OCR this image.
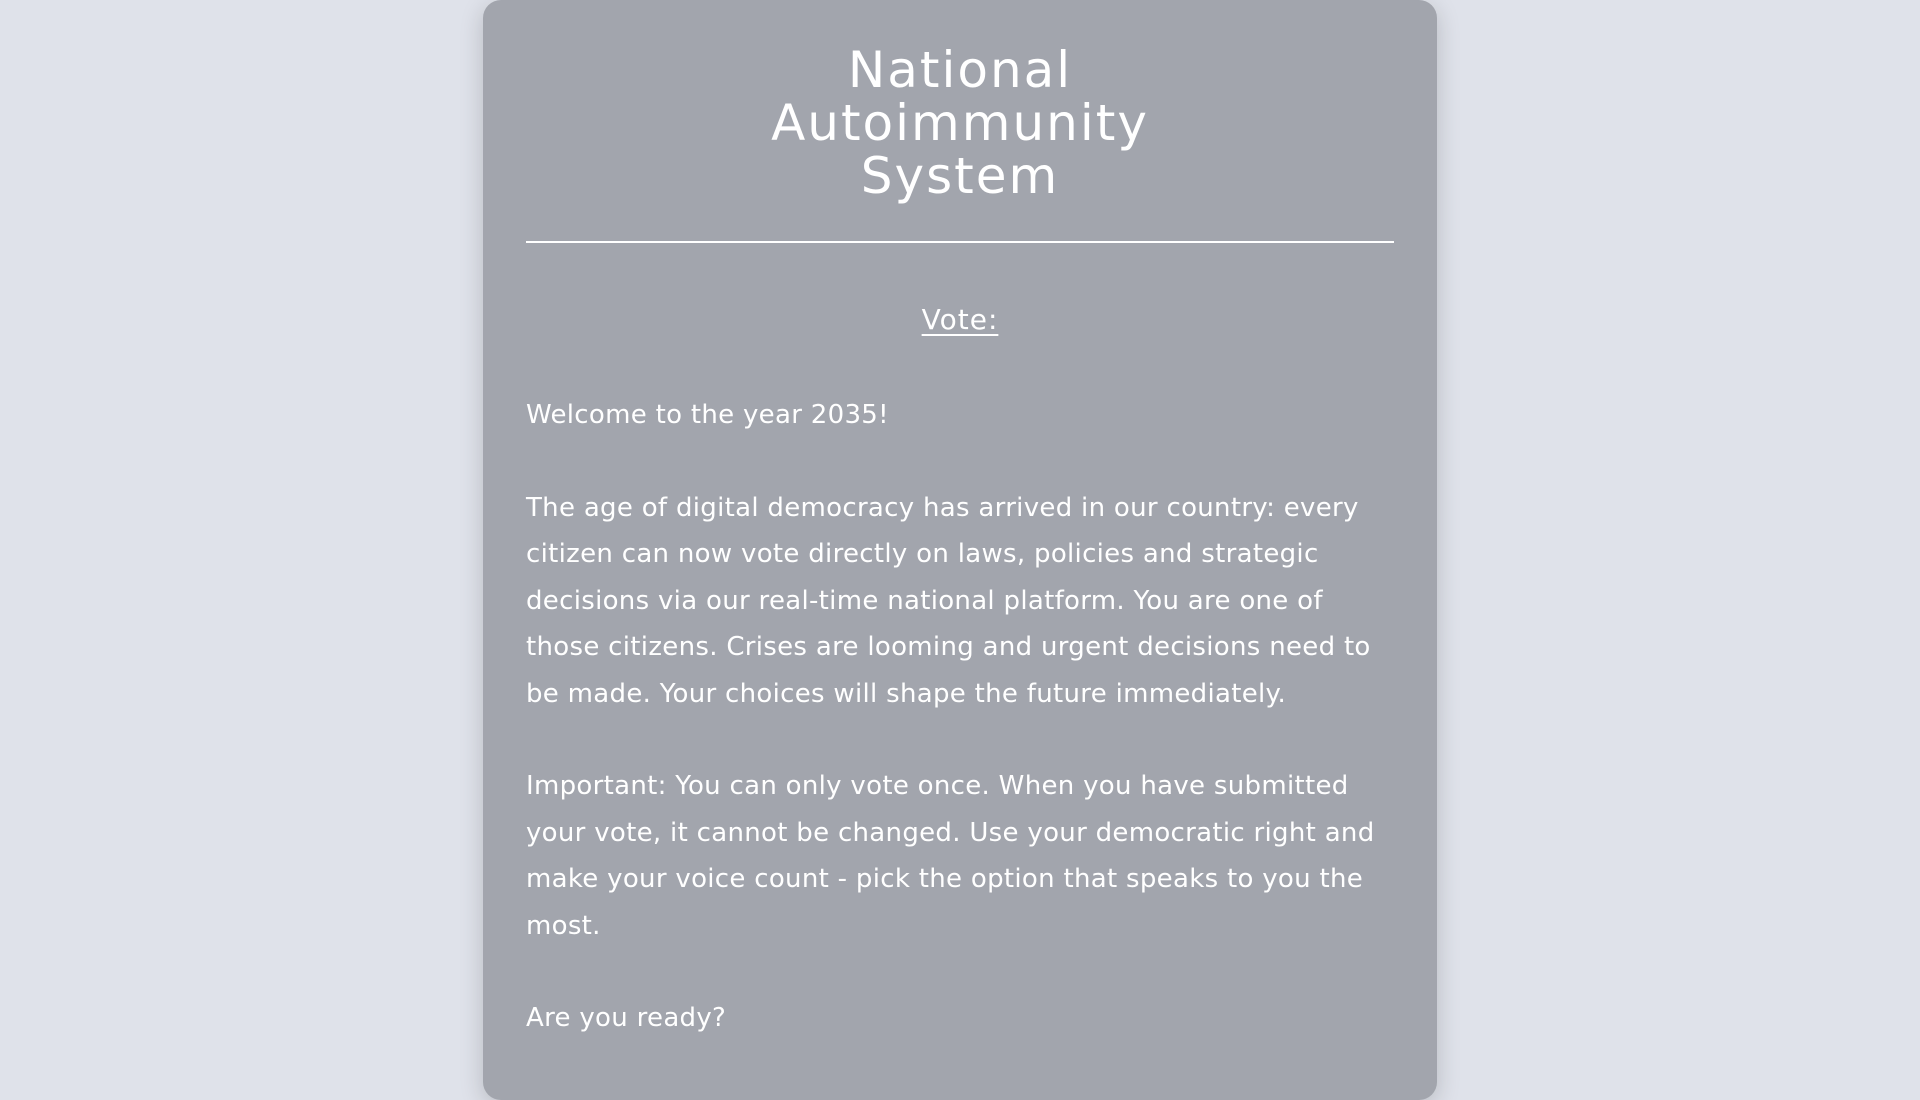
National Autoimmunity System
Vote:

Welcome to the year 2035!

The age of digital democracy has arrived in our country: every citizen can now vote directly on laws, policies and strategic decisions via our real-time national platform. You are one of those citizens. Crises are looming and urgent decisions need to be made. Your choices will shape the future immediately.

Important: You can only vote once. When you have submitted your vote, it cannot be changed. Use your democratic right and make your voice count - pick the option that speaks to you the most.

Are you ready?
